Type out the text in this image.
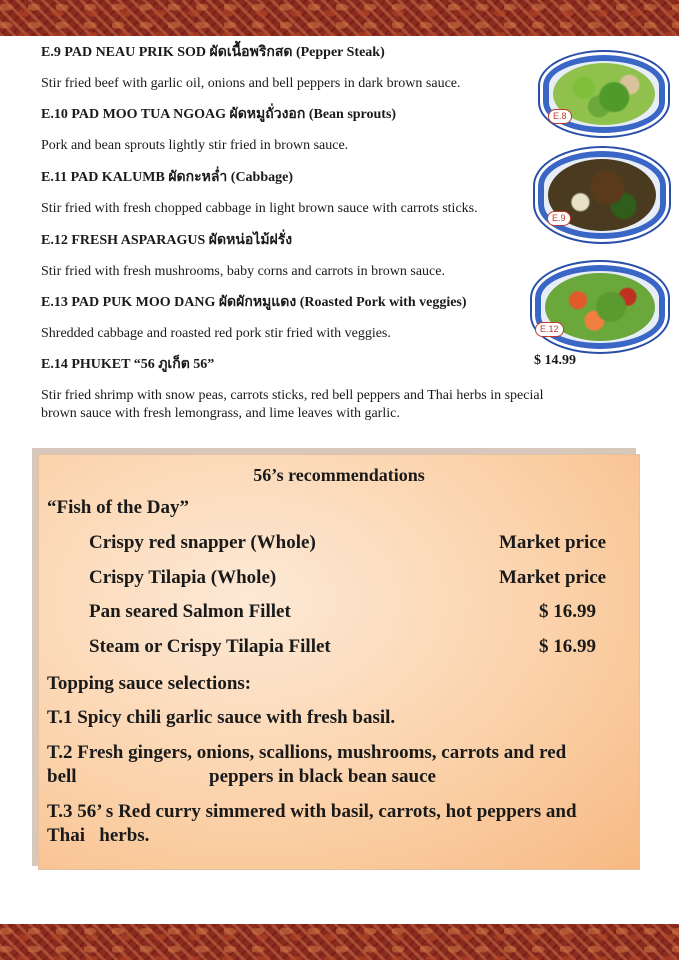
E.9 PAD NEAU PRIK SOD ผัดเนื้อพริกสด (Pepper Steak)
Stir fried beef with garlic oil, onions and bell peppers in dark brown sauce.
E.10 PAD MOO TUA NGOAG ผัดหมูถั่วงอก (Bean sprouts)
Pork and bean sprouts lightly stir fried in brown sauce.
E.11 PAD KALUMB ผัดกะหล่ำ (Cabbage)
Stir fried with fresh chopped cabbage in light brown sauce with carrots sticks.
E.12 FRESH ASPARAGUS ผัดหน่อไม้ฝรั่ง
Stir fried with fresh mushrooms, baby corns and carrots in brown sauce.
E.13 PAD PUK MOO DANG ผัดผักหมูแดง (Roasted Pork with veggies)
Shredded cabbage and roasted red pork stir fried with veggies.
E.14 PHUKET “56 ภูเก็ต 56”
Stir fried shrimp with snow peas, carrots sticks, red bell peppers and Thai herbs in special
brown sauce with fresh lemongrass, and lime leaves with garlic.
$ 14.99
E.8
E.9
E.12
56’s recommendations
“Fish of the Day”
Crispy red snapper (Whole)	Market price
Crispy Tilapia (Whole)	Market price
Pan seared Salmon Fillet	$ 16.99
Steam or Crispy Tilapia Fillet	$ 16.99
Topping sauce selections:
T.1 Spicy chili garlic sauce with fresh basil.
T.2 Fresh gingers, onions, scallions, mushrooms, carrots and red
bell	peppers in black bean sauce
T.3 56’ s Red curry simmered with basil, carrots, hot peppers and
Thai   herbs.
